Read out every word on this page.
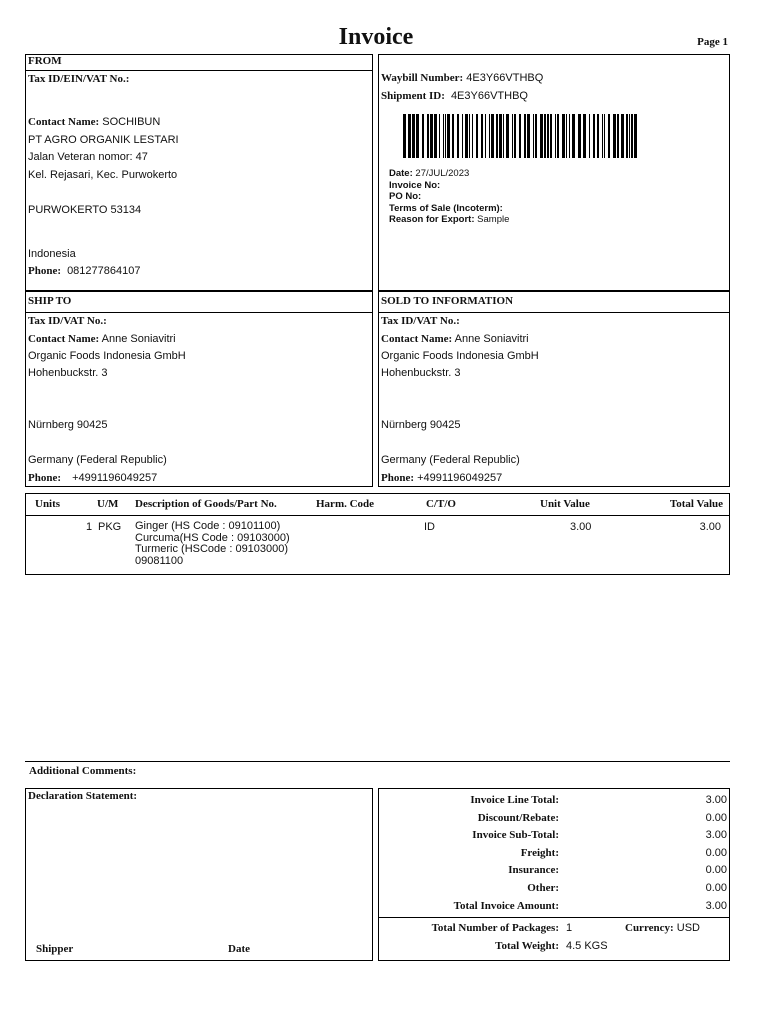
Invoice	Page 1
FROM
Tax ID/EIN/VAT No.:
Contact Name: SOCHIBUN
PT AGRO ORGANIK LESTARI
Jalan Veteran nomor: 47
Kel. Rejasari, Kec. Purwokerto
PURWOKERTO 53134
Indonesia
Phone: 081277864107
Waybill Number: 4E3Y66VTHBQ
Shipment ID: 4E3Y66VTHBQ
Date: 27/JUL/2023
Invoice No:
PO No:
Terms of Sale (Incoterm):
Reason for Export: Sample
SHIP TO
Tax ID/VAT No.:
Contact Name: Anne Soniavitri
Organic Foods Indonesia GmbH
Hohenbuckstr. 3
Nürnberg 90425
Germany (Federal Republic)
Phone: +4991196049257
SOLD TO INFORMATION
Tax ID/VAT No.:
Contact Name: Anne Soniavitri
Organic Foods Indonesia GmbH
Hohenbuckstr. 3
Nürnberg 90425
Germany (Federal Republic)
Phone: +4991196049257
Units	U/M Description of Goods/Part No.	Harm. Code	C/T/O	Unit Value	Total Value
1 PKG Ginger (HS Code : 09101100)
Curcuma(HS Code : 09103000)
Turmeric (HSCode : 09103000)
09081100
ID	3.00	3.00
Additional Comments:
Declaration Statement:
Shipper	Date
Invoice Line Total:	3.00
Discount/Rebate:	0.00
Invoice Sub-Total:	3.00
Freight:	0.00
Insurance:	0.00
Other:	0.00
Total Invoice Amount:	3.00
Total Number of Packages: 1	Currency: USD
Total Weight: 4.5 KGS
